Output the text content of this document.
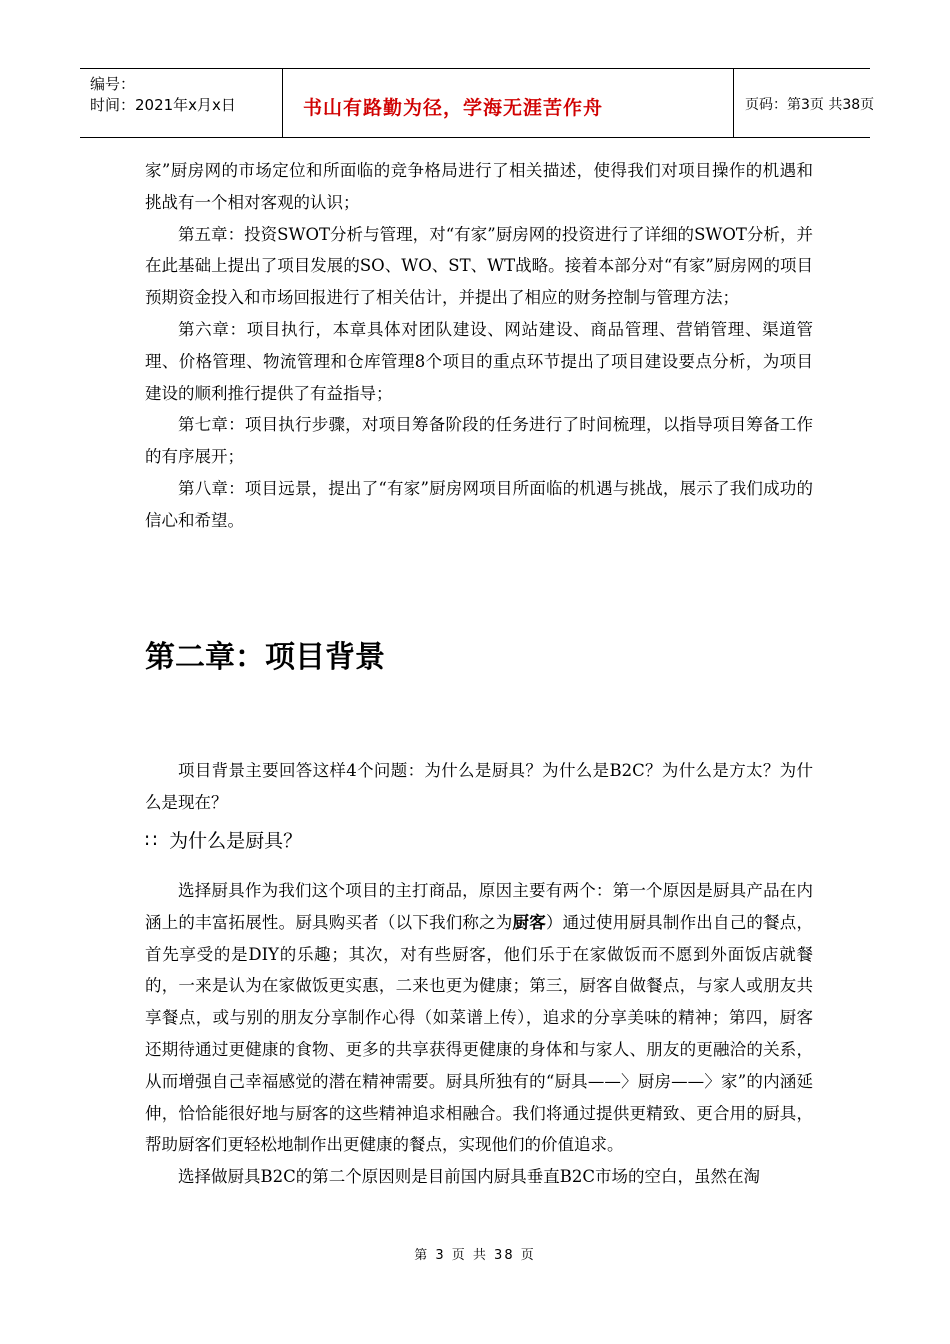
编号：
时间：2021年x月x日	书山有路勤为径，学海无涯苦作舟	页码：第3页 共38页

家”厨房网的市场定位和所面临的竞争格局进行了相关描述，使得我们对项目操作的机遇和挑战有一个相对客观的认识；

第五章：投资SWOT分析与管理，对“有家”厨房网的投资进行了详细的SWOT分析，并在此基础上提出了项目发展的SO、WO、ST、WT战略。接着本部分对“有家”厨房网的项目预期资金投入和市场回报进行了相关估计，并提出了相应的财务控制与管理方法；

第六章：项目执行，本章具体对团队建设、网站建设、商品管理、营销管理、渠道管理、价格管理、物流管理和仓库管理8个项目的重点环节提出了项目建设要点分析，为项目建设的顺利推行提供了有益指导；

第七章：项目执行步骤，对项目筹备阶段的任务进行了时间梳理，以指导项目筹备工作的有序展开；

第八章：项目远景，提出了“有家”厨房网项目所面临的机遇与挑战，展示了我们成功的信心和希望。

第二章：项目背景

项目背景主要回答这样4个问题：为什么是厨具？为什么是B2C？为什么是方太？为什么是现在？

∷ 为什么是厨具？

选择厨具作为我们这个项目的主打商品，原因主要有两个：第一个原因是厨具产品在内涵上的丰富拓展性。厨具购买者（以下我们称之为厨客）通过使用厨具制作出自己的餐点，首先享受的是DIY的乐趣；其次，对有些厨客，他们乐于在家做饭而不愿到外面饭店就餐的，一来是认为在家做饭更实惠，二来也更为健康；第三，厨客自做餐点，与家人或朋友共享餐点，或与别的朋友分享制作心得（如菜谱上传），追求的分享美味的精神；第四，厨客还期待通过更健康的食物、更多的共享获得更健康的身体和与家人、朋友的更融洽的关系，从而增强自己幸福感觉的潜在精神需要。厨具所独有的“厨具——〉厨房——〉家”的内涵延伸，恰恰能很好地与厨客的这些精神追求相融合。我们将通过提供更精致、更合用的厨具，帮助厨客们更轻松地制作出更健康的餐点，实现他们的价值追求。

选择做厨具B2C的第二个原因则是目前国内厨具垂直B2C市场的空白，虽然在淘

第 3 页 共 38 页
